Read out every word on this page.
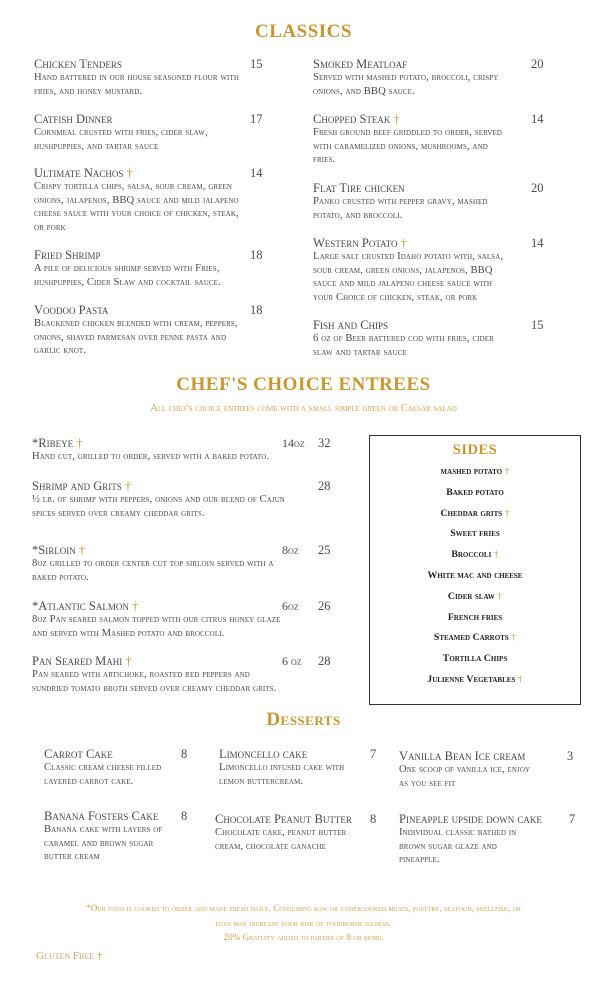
CLASSICS
Chicken Tenders	15
Hand battered in our house seasoned flour with
fries, and honey mustard.
Catfish Dinner	17
Cornmeal crusted with fries, cider slaw,
hushpuppies, and tartar sauce
Ultimate Nachos †	14
Crispy tortilla chips, salsa, sour cream, green
onions, jalapenos, BBQ sauce and mild jalapeno
cheese sauce with your choice of chicken, steak,
or pork
Fried Shrimp	18
A pile of delicious shrimp served with Fries,
hushpuppies, Cider Slaw and cocktail sauce.
Voodoo Pasta	18
Blackened chicken blended with cream, peppers,
onions, shaved parmesan over penne pasta and
garlic knot.
Smoked Meatloaf	20
Served with mashed potato, broccoli, crispy
onions, and BBQ sauce.
Chopped Steak †	14
Fresh ground beef griddled to order, served
with caramelized onions, mushrooms, and
fries.
Flat Tire chicken	20
Panko crusted with pepper gravy, mashed
potato, and broccoli.
Western Potato †	14
Large salt crusted Idaho potato with, salsa,
sour cream, green onions, jalapenos, BBQ
sauce and mild jalapeno cheese sauce with
your Choice of chicken, steak, or pork
Fish and Chips	15
6 oz of Beer battered cod with fries, cider
slaw and tartar sauce
CHEF'S CHOICE ENTREES
All chef's choice entrees come with a small simple green or Caesar salad
*Ribeye †	14oz 32
Hand cut, grilled to order, served with a baked potato.
Shrimp and Grits †	28
½ lb. of shrimp with peppers, onions and our blend of Cajun
spices served over creamy cheddar grits.
*Sirloin †	8oz 25
8oz grilled to order center cut top sirloin served with a
baked potato.
*Atlantic Salmon †	6oz 26
8oz Pan seared salmon topped with our citrus honey glaze
and served with Mashed potato and broccoli.
Pan Seared Mahi †	6 oz 28
Pan seared with artichoke, roasted red peppers and
sundried tomato broth served over creamy cheddar grits.
SIDES
mashed potato †
Baked potato
Cheddar grits †
Sweet fries
Broccoli †
White mac and cheese
Cider slaw †
French fries
Steamed Carrots †
Tortilla Chips
Julienne Vegetables †
Desserts
Carrot Cake	8
Classic cream cheese filled
layered carrot cake.
Limoncello cake	7
Limoncello infused cake with
lemon buttercream.
Vanilla Bean Ice cream	3
One scoop of vanilla ice, enjoy
as you see fit
Banana Fosters Cake	8
Banana cake with layers of
caramel and brown sugar
butter cream
Chocolate Peanut Butter	8
Chocolate cake, peanut butter
cream, chocolate ganache
Pineapple upside down cake	7
Individual classic bathed in
brown sugar glaze and
pineapple.
*Our food is cooked to order and made fresh daily. Consuming raw or undercooked meats, poultry, seafood, shellfish, or
eggs may increase your risk of foodborne illness.
20% Gratuity added to parties of 8 or more.
Gluten Free †
